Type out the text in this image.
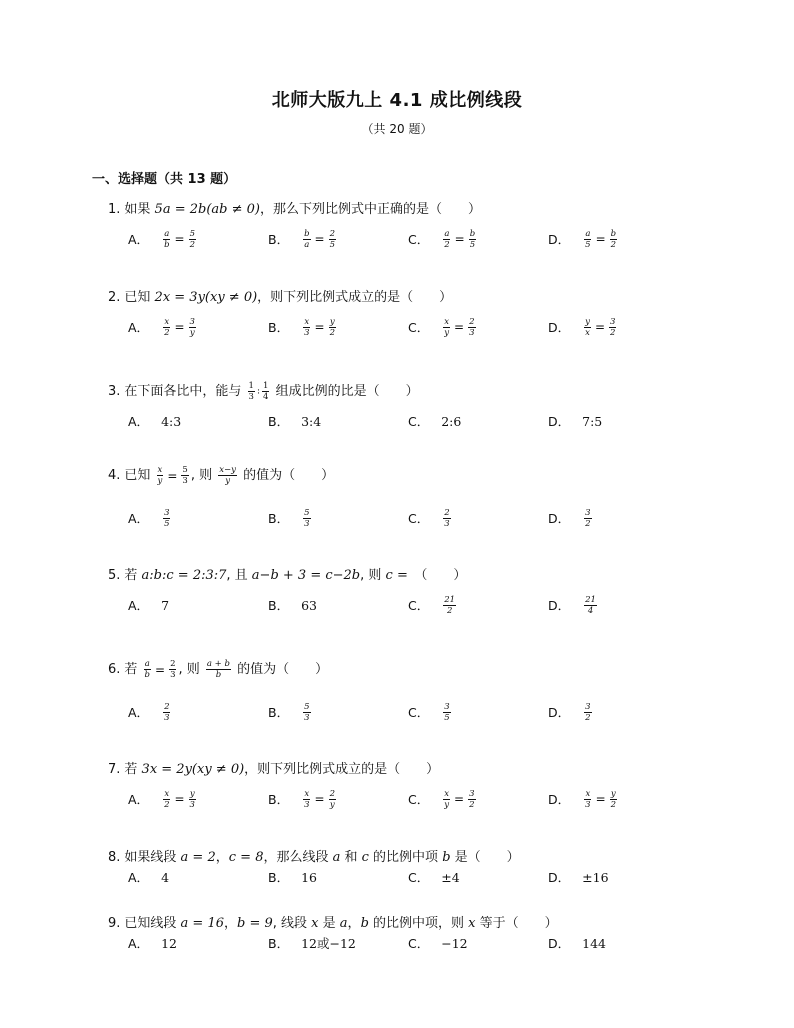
北师大版九上 4.1 成比例线段
（共 20 题）
一、选择题（共 13 题）
1. 如果 5a = 2b(ab ≠ 0)，那么下列比例式中正确的是（　　）
A． $\frac{a}{b} = \frac{5}{2}$	B． $\frac{b}{a} = \frac{2}{5}$	C． $\frac{a}{2} = \frac{b}{5}$	D． $\frac{a}{5} = \frac{b}{2}$
2. 已知 2x = 3y(xy ≠ 0)，则下列比例式成立的是（　　）
A． $\frac{x}{2} = \frac{3}{y}$	B． $\frac{x}{3} = \frac{y}{2}$	C． $\frac{x}{y} = \frac{2}{3}$	D． $\frac{y}{x} = \frac{3}{2}$
3. 在下面各比中，能与 $\frac{1}{3}$ : $\frac{1}{4}$ 组成比例的比是（　　）
A． 4:3	B． 3:4	C． 2:6	D． 7:5
4. 已知 $\frac{x}{y} = \frac{5}{3}$ , 则 $\frac{x-y}{y}$ 的值为（　　）
A． $\frac{3}{5}$	B． $\frac{5}{3}$	C． $\frac{2}{3}$	D． $\frac{3}{2}$
5. 若 a:b:c = 2:3:7, 且 a−b + 3 = c−2b, 则 c =　（　　）
A． 7	B． 63	C． $\frac{21}{2}$	D． $\frac{21}{4}$
6. 若 $\frac{a}{b} = \frac{2}{3}$ , 则 $\frac{a + b}{b}$ 的值为（　　）
A． $\frac{2}{3}$	B． $\frac{5}{3}$	C． $\frac{3}{5}$	D． $\frac{3}{2}$
7. 若 3x = 2y(xy ≠ 0)，则下列比例式成立的是（　　）
A． $\frac{x}{2} = \frac{y}{3}$	B． $\frac{x}{3} = \frac{2}{y}$	C． $\frac{x}{y} = \frac{3}{2}$	D． $\frac{x}{3} = \frac{y}{2}$
8. 如果线段 a = 2，c = 8，那么线段 a 和 c 的比例中项 b 是（　　）
A． 4	B． 16	C． ±4	D． ±16
9. 已知线段 a = 16，b = 9, 线段 x 是 a，b 的比例中项，则 x 等于（　　）
A． 12	B． 12 或 −12	C． −12	D． 144
